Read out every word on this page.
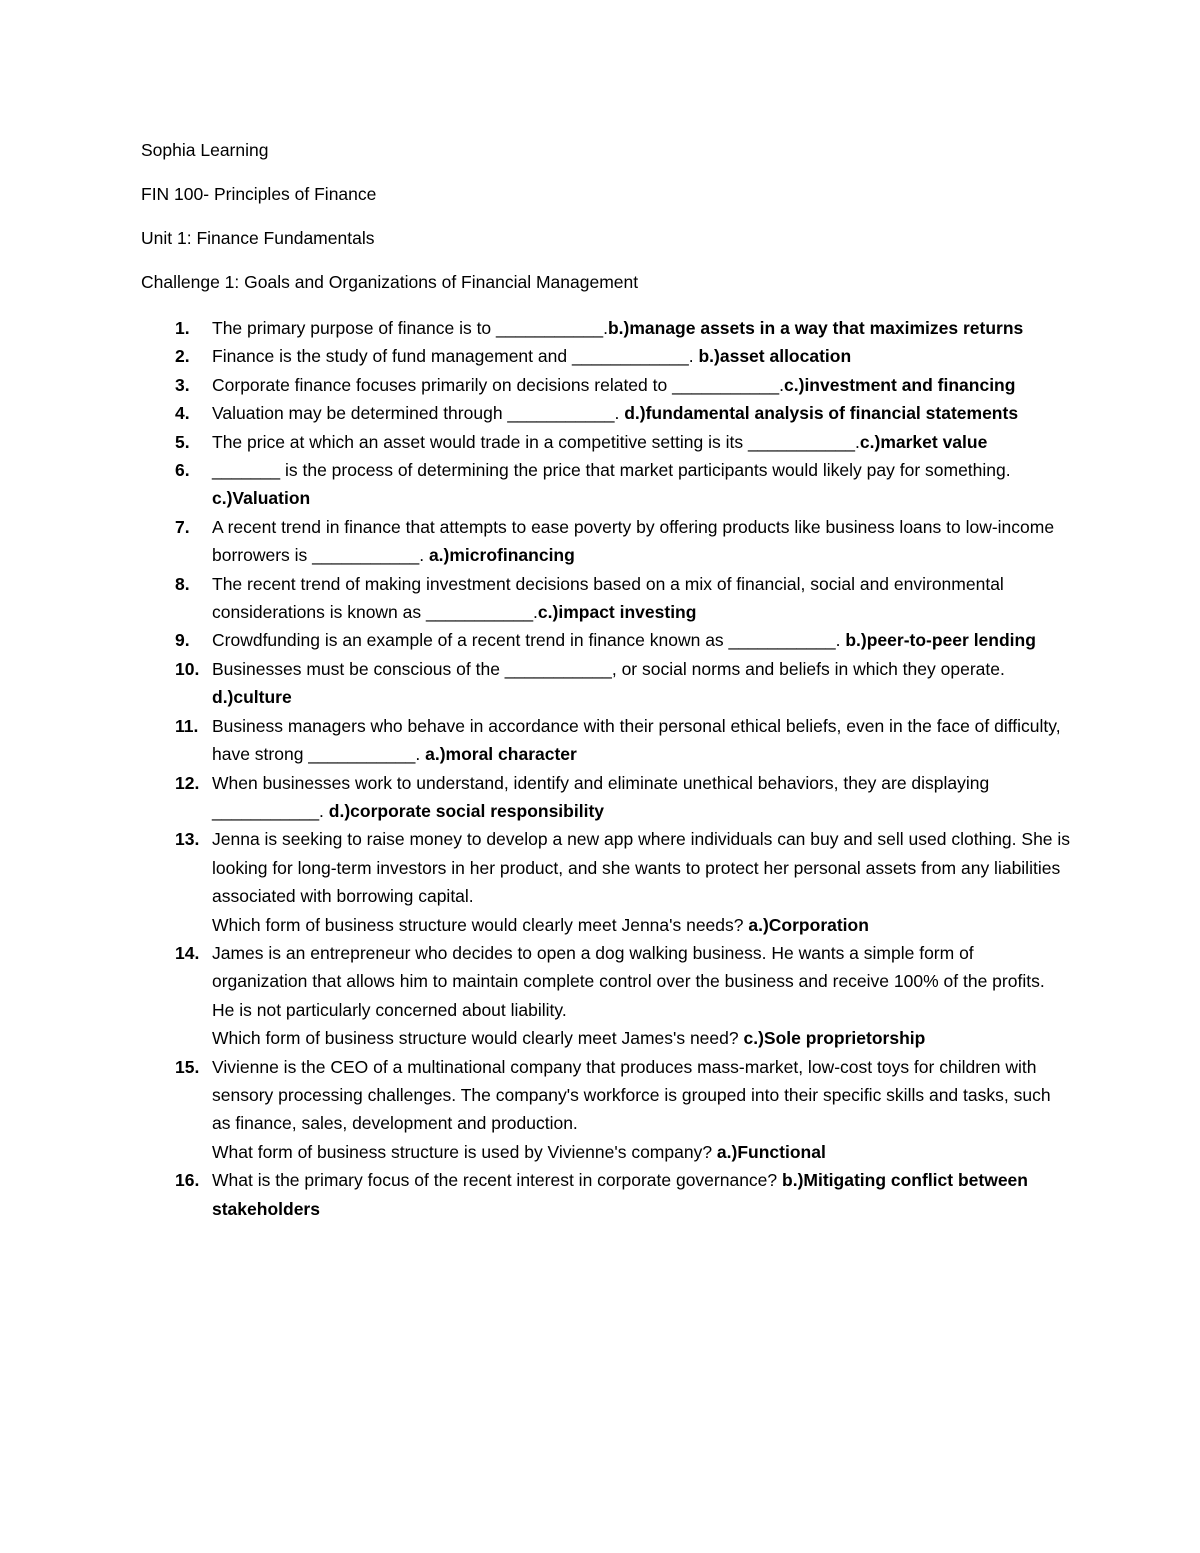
Sophia Learning

FIN 100- Principles of Finance

Unit 1: Finance Fundamentals

Challenge 1: Goals and Organizations of Financial Management

1. The primary purpose of finance is to ___________.b.)manage assets in a way that maximizes returns
2. Finance is the study of fund management and ____________. b.)asset allocation
3. Corporate finance focuses primarily on decisions related to ___________.c.)investment and financing
4. Valuation may be determined through ___________. d.)fundamental analysis of financial statements
5. The price at which an asset would trade in a competitive setting is its ___________.c.)market value
6. _______ is the process of determining the price that market participants would likely pay for something. c.)Valuation
7. A recent trend in finance that attempts to ease poverty by offering products like business loans to low-income borrowers is ___________. a.)microfinancing
8. The recent trend of making investment decisions based on a mix of financial, social and environmental considerations is known as ___________.c.)impact investing
9. Crowdfunding is an example of a recent trend in finance known as ___________. b.)peer-to-peer lending
10. Businesses must be conscious of the ___________, or social norms and beliefs in which they operate. d.)culture
11. Business managers who behave in accordance with their personal ethical beliefs, even in the face of difficulty, have strong ___________. a.)moral character
12. When businesses work to understand, identify and eliminate unethical behaviors, they are displaying ___________. d.)corporate social responsibility
13. Jenna is seeking to raise money to develop a new app where individuals can buy and sell used clothing. She is looking for long-term investors in her product, and she wants to protect her personal assets from any liabilities associated with borrowing capital.
Which form of business structure would clearly meet Jenna's needs? a.)Corporation
14. James is an entrepreneur who decides to open a dog walking business. He wants a simple form of organization that allows him to maintain complete control over the business and receive 100% of the profits. He is not particularly concerned about liability.
Which form of business structure would clearly meet James's need? c.)Sole proprietorship
15. Vivienne is the CEO of a multinational company that produces mass-market, low-cost toys for children with sensory processing challenges. The company's workforce is grouped into their specific skills and tasks, such as finance, sales, development and production.
What form of business structure is used by Vivienne's company? a.)Functional
16. What is the primary focus of the recent interest in corporate governance? b.)Mitigating conflict between stakeholders
